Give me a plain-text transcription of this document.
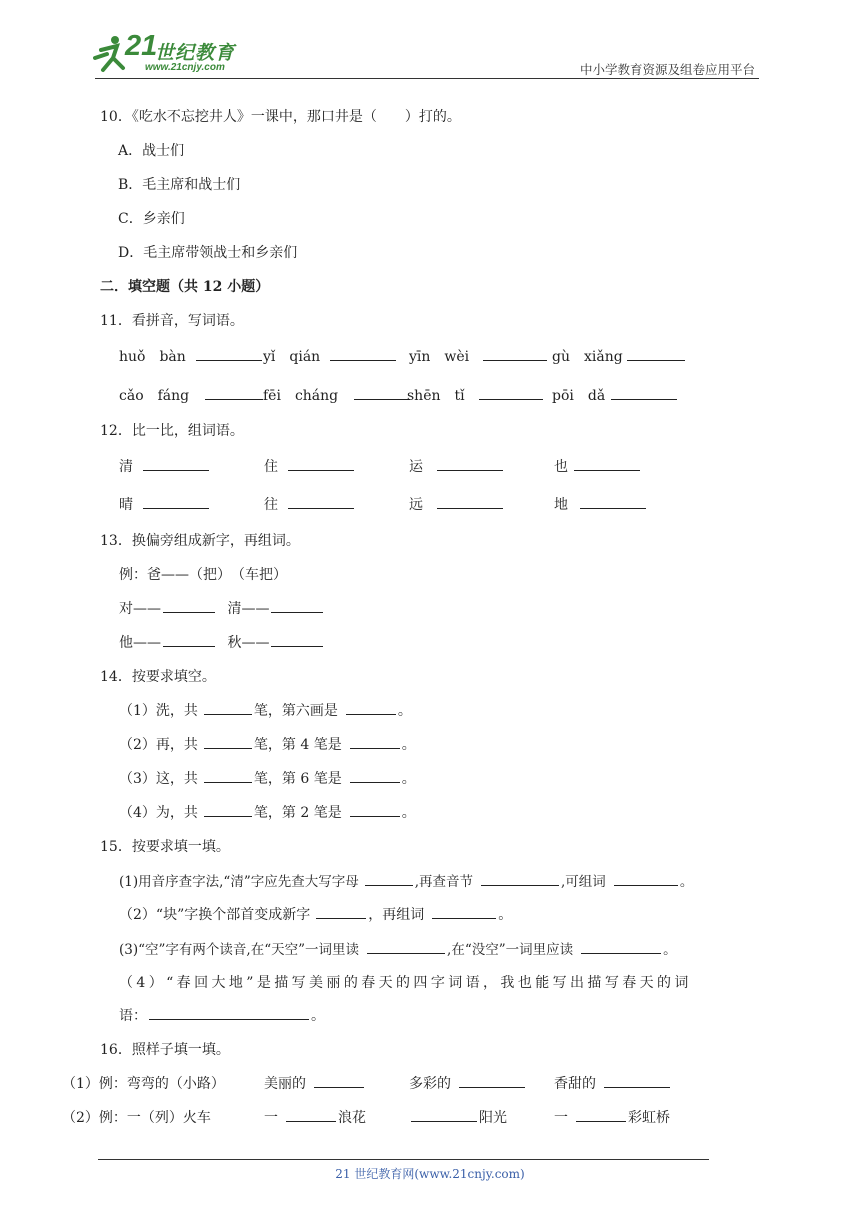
21
世纪教育
www.21cnjy.com	中小学教育资源及组卷应用平台
10．《吃水不忘挖井人》一课中，那口井是（　　）打的。
A．战士们
B．毛主席和战士们
C．乡亲们
D．毛主席带领战士和乡亲们
二．填空题（共 12 小题）
11．看拼音，写词语。
huǒ　bàn	yǐ　qián	yīn　wèi	gù　xiǎng
cǎo　fáng	fēi　cháng	shēn　tǐ	pōi　dǎ
12．比一比，组词语。
清	住	运	也
晴	往	远	地
13．换偏旁组成新字，再组词。
例：爸——（把）　（车把）
对——	清——
他——	秋——
14．按要求填空。
（1）洗，共	笔，第六画是	。
（2）再，共	笔，第 4 笔是	。
（3）这，共	笔，第 6 笔是	。
（4）为，共	笔，第 2 笔是	。
15．按要求填一填。
(1)用音序查字法,“清”字应先查大写字母	,再查音节	,可组词	。
（2）“块”字换个部首变成新字	，再组词	。
(3)“空”字有两个读音,在“天空”一词里读	,在“没空”一词里应读	。
（4）“春回大地”是描写美丽的春天的四字词语，我也能写出描写春天的词
语：	。
16．照样子填一填。
（1）例：弯弯的（小路）	美丽的	多彩的	香甜的
（2）例：一（列）火车	一	浪花	阳光	一	彩虹桥
21 世纪教育网(www.21cnjy.com)
